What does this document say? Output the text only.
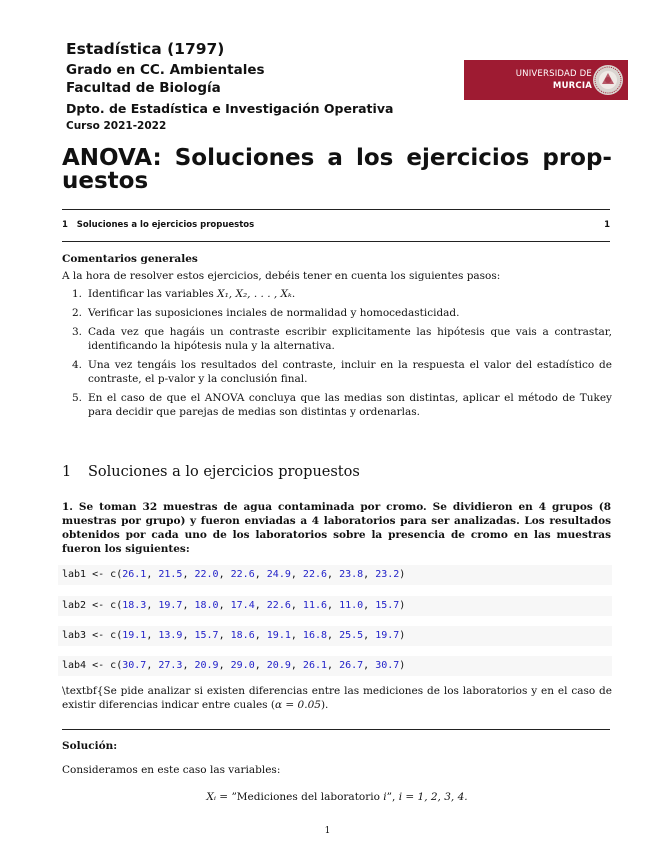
Estadística (1797)
Grado en CC. Ambientales
Facultad de Biología
Dpto. de Estadística e Investigación Operativa
Curso 2021-2022
UNIVERSIDAD DE
MURCIA
ANOVA: Soluciones a los ejercicios prop-
uestos
1   Soluciones a lo ejercicios propuestos	1
Comentarios generales
A la hora de resolver estos ejercicios, debéis tener en cuenta los siguientes pasos:
1. Identificar las variables X₁, X₂, . . . , Xₖ.
2. Verificar las suposiciones inciales de normalidad y homocedasticidad.
3. Cada vez que hagáis un contraste escribir explicitamente las hipótesis que vais a contrastar, identificando la hipótesis nula y la alternativa.
4. Una vez tengáis los resultados del contraste, incluir en la respuesta el valor del estadístico de contraste, el p-valor y la conclusión final.
5. En el caso de que el ANOVA concluya que las medias son distintas, aplicar el método de Tukey para decidir que parejas de medias son distintas y ordenarlas.
1 Soluciones a lo ejercicios propuestos
1. Se toman 32 muestras de agua contaminada por cromo. Se dividieron en 4 grupos (8 muestras por grupo) y fueron enviadas a 4 laboratorios para ser analizadas. Los resultados obtenidos por cada uno de los laboratorios sobre la presencia de cromo en las muestras fueron los siguientes:
lab1 <- c(26.1, 21.5, 22.0, 22.6, 24.9, 22.6, 23.8, 23.2)
lab2 <- c(18.3, 19.7, 18.0, 17.4, 22.6, 11.6, 11.0, 15.7)
lab3 <- c(19.1, 13.9, 15.7, 18.6, 19.1, 16.8, 25.5, 19.7)
lab4 <- c(30.7, 27.3, 20.9, 29.0, 20.9, 26.1, 26.7, 30.7)
\textbf{Se pide analizar si existen diferencias entre las mediciones de los laboratorios y en el caso de existir diferencias indicar entre cuales (α = 0.05).
Solución:
Consideramos en este caso las variables:
Xᵢ = ”Mediciones del laboratorio i”, i = 1, 2, 3, 4.
1
